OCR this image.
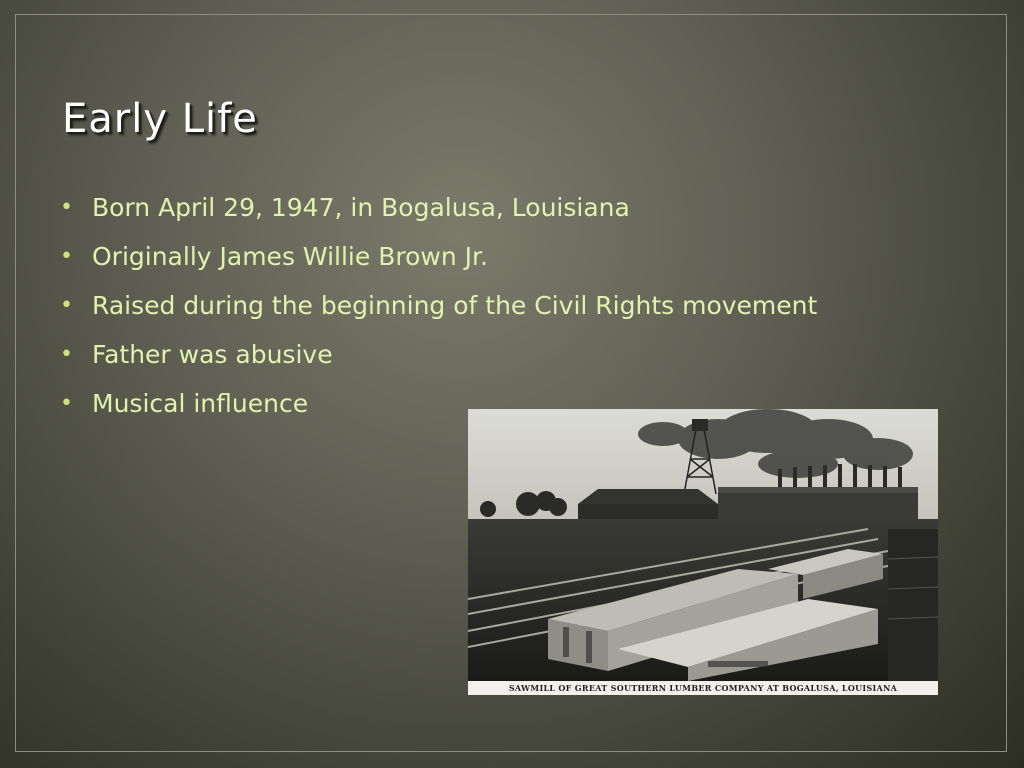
Early Life
• Born April 29, 1947, in Bogalusa, Louisiana
• Originally James Willie Brown Jr.
• Raised during the beginning of the Civil Rights movement
• Father was abusive
• Musical influence
SAWMILL OF GREAT SOUTHERN LUMBER COMPANY AT BOGALUSA, LOUISIANA
